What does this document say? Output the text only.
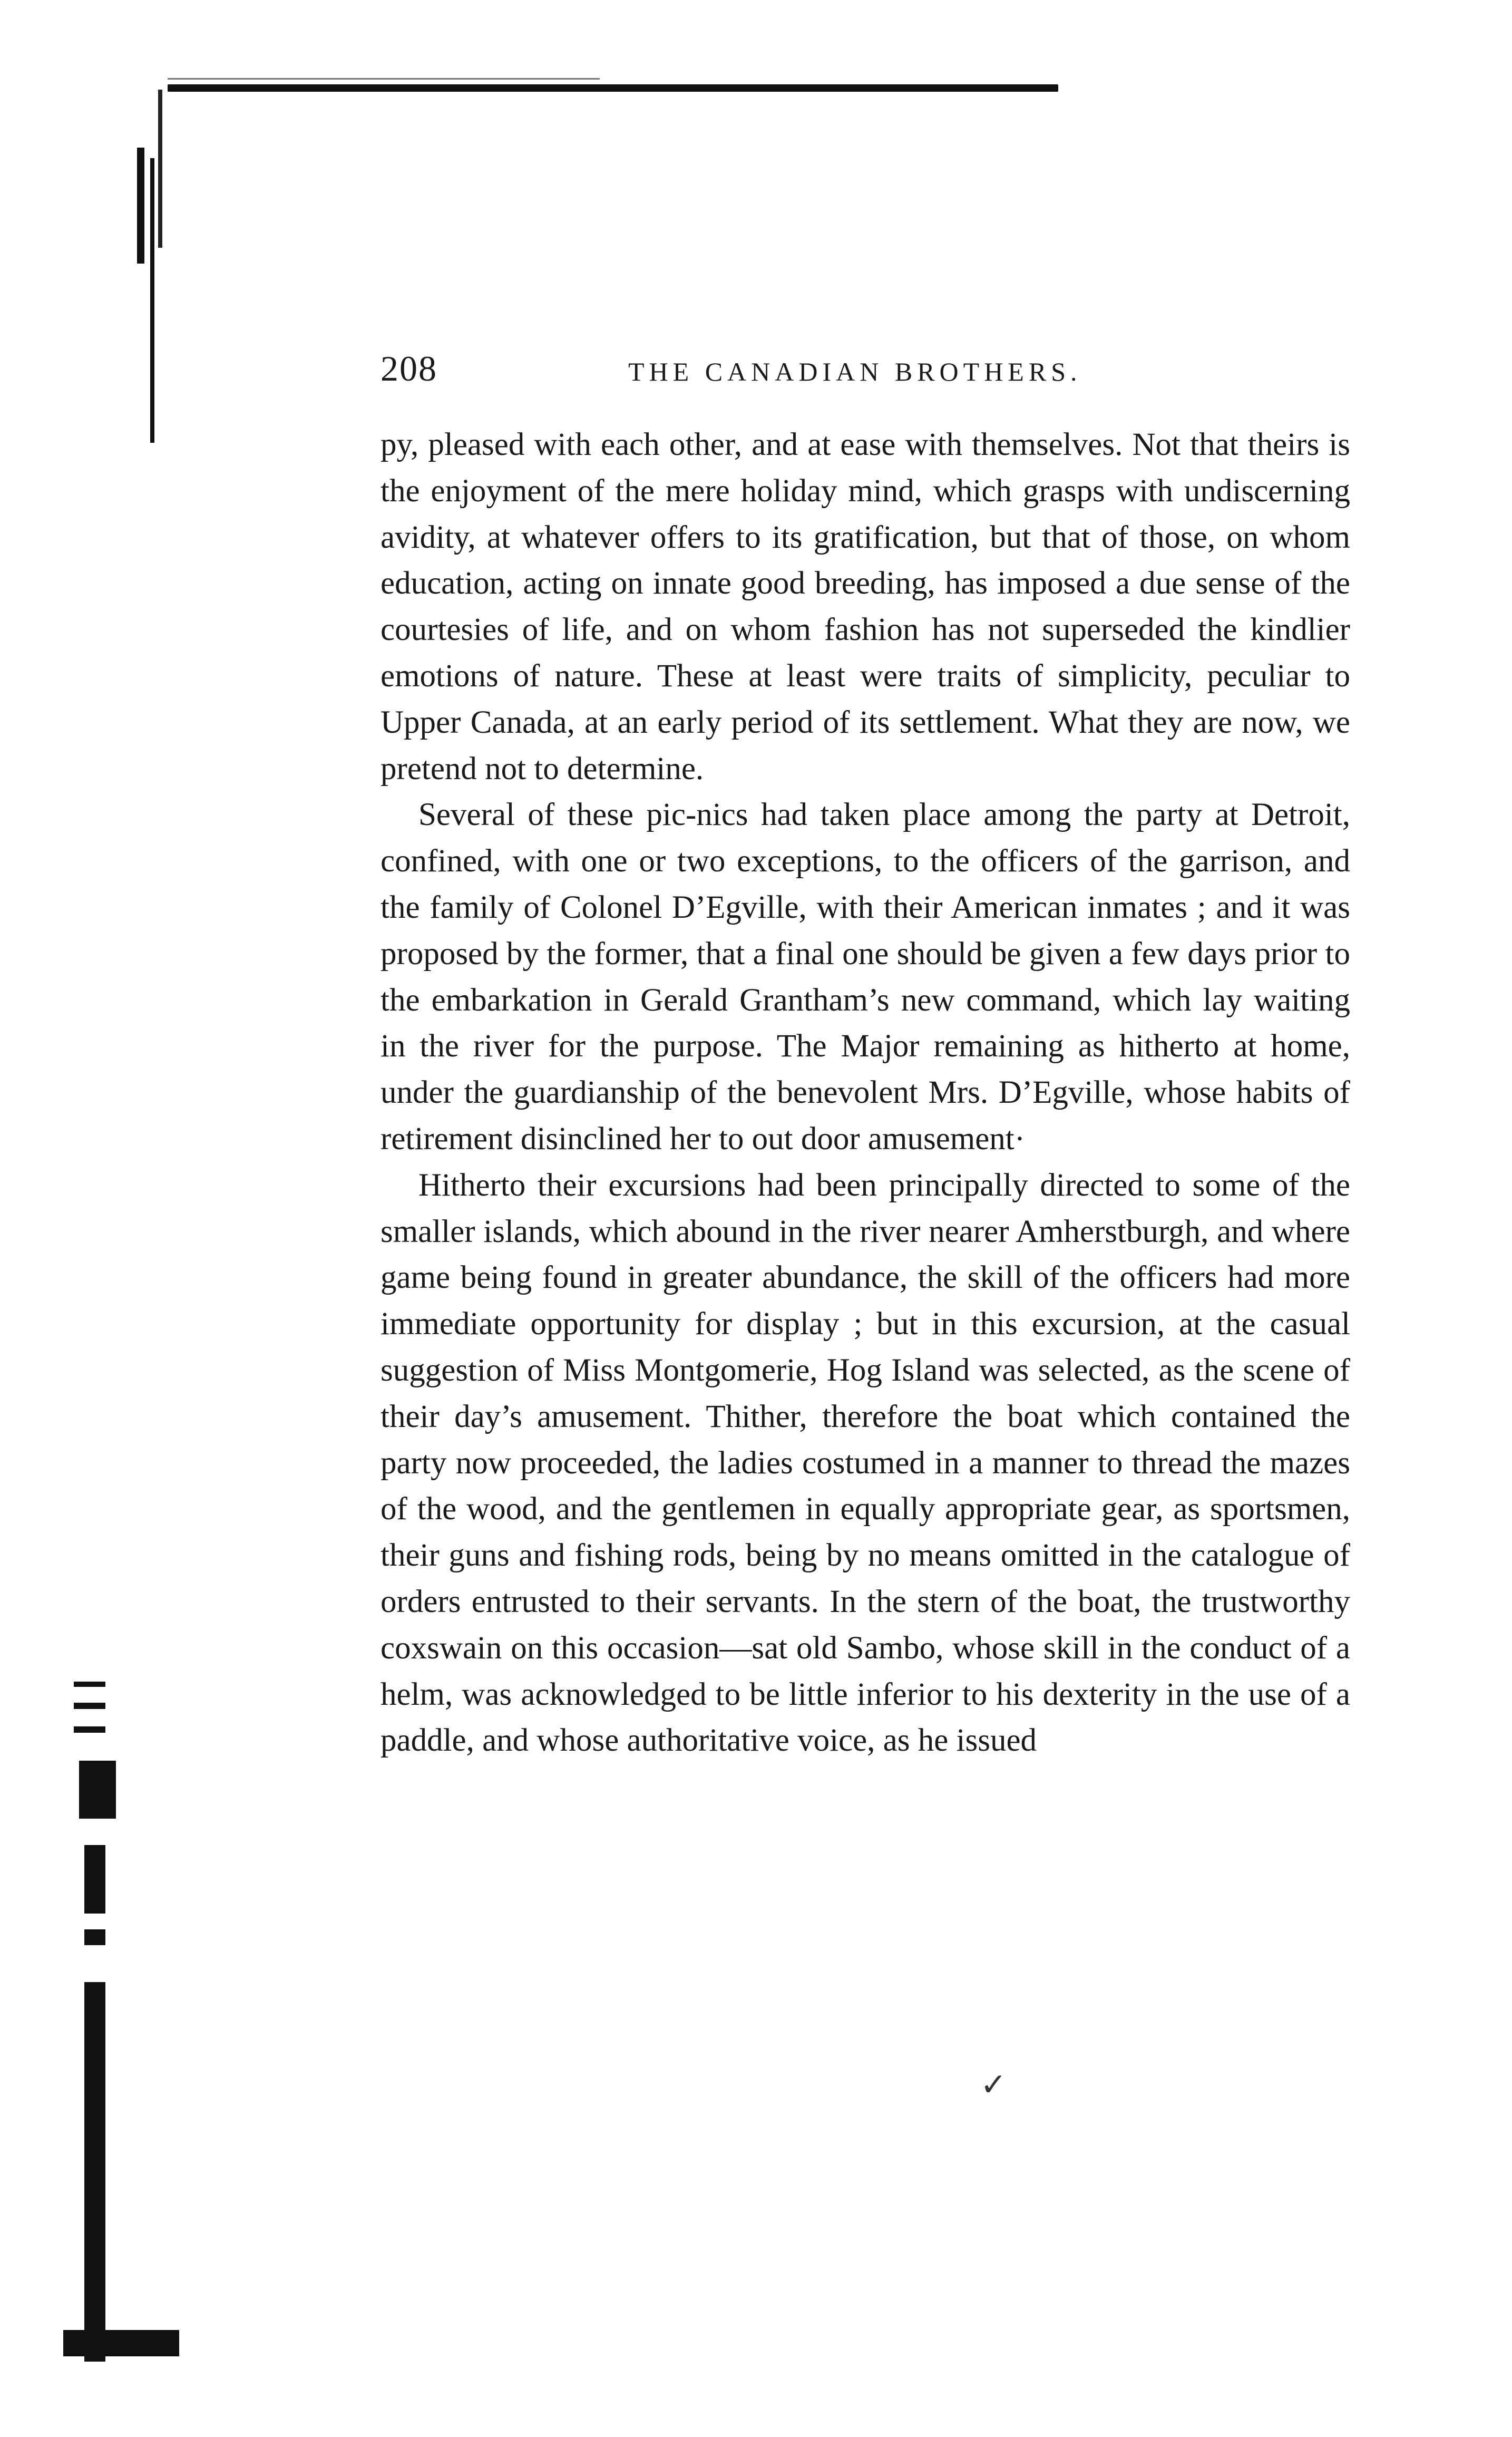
208	THE CANADIAN BROTHERS.

py, pleased with each other, and at ease with themselves. Not that theirs is the enjoyment of the mere holiday mind, which grasps with undiscerning avidity, at whatever offers to its gratification, but that of those, on whom education, acting on innate good breeding, has imposed a due sense of the courtesies of life, and on whom fashion has not superseded the kindlier emotions of nature. These at least were traits of simplicity, peculiar to Upper Canada, at an early period of its settlement. What they are now, we pretend not to determine.

Several of these pic-nics had taken place among the party at Detroit, confined, with one or two exceptions, to the officers of the garrison, and the family of Colonel D’Egville, with their American inmates ; and it was proposed by the former, that a final one should be given a few days prior to the embarkation in Gerald Grantham’s new command, which lay waiting in the river for the purpose. The Major remaining as hitherto at home, under the guardianship of the benevolent Mrs. D’Egville, whose habits of retirement disinclined her to out door amusement·

Hitherto their excursions had been principally directed to some of the smaller islands, which abound in the river nearer Amherstburgh, and where game being found in greater abundance, the skill of the officers had more immediate opportunity for display ; but in this excursion, at the casual suggestion of Miss Montgomerie, Hog Island was selected, as the scene of their day’s amusement. Thither, therefore the boat which contained the party now proceeded, the ladies costumed in a manner to thread the mazes of the wood, and the gentlemen in equally appropriate gear, as sportsmen, their guns and fishing rods, being by no means omitted in the catalogue of orders entrusted to their servants. In the stern of the boat, the trustworthy coxswain on this occasion—sat old Sambo, whose skill in the conduct of a helm, was acknowledged to be little inferior to his dexterity in the use of a paddle, and whose authoritative voice, as he issued

✓
